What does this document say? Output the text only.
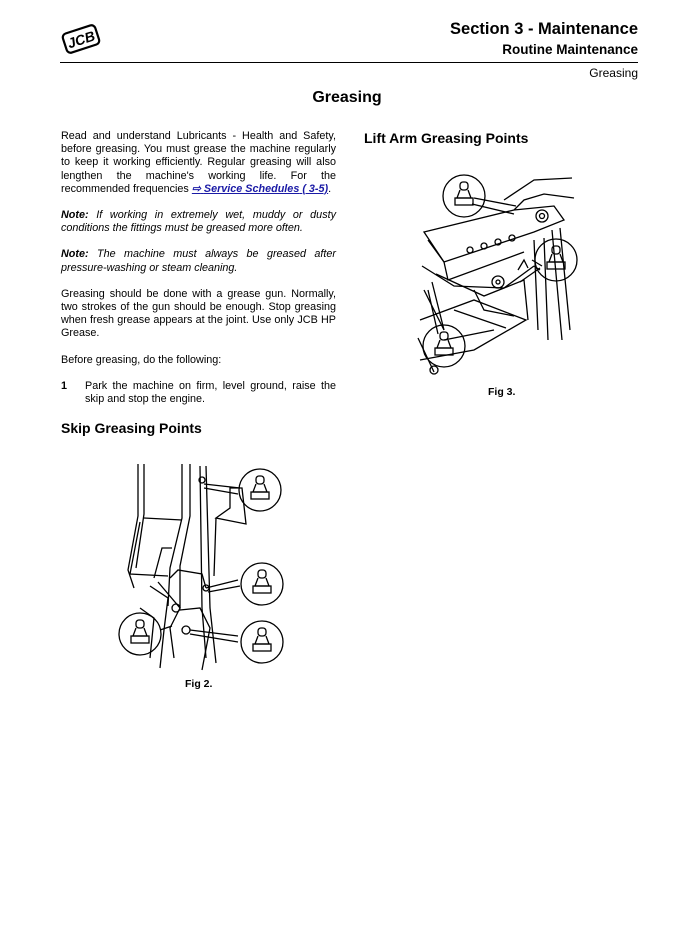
JCB	Section 3 - Maintenance
Routine Maintenance
Greasing
Greasing

Read and understand Lubricants - Health and Safety, before greasing. You must grease the machine regularly to keep it working efficiently. Regular greasing will also lengthen the machine's working life. For the recommended frequencies ⇨ Service Schedules ( 3-5).

Note: If working in extremely wet, muddy or dusty conditions the fittings must be greased more often.

Note: The machine must always be greased after pressure-washing or steam cleaning.

Greasing should be done with a grease gun. Normally, two strokes of the gun should be enough. Stop greasing when fresh grease appears at the joint. Use only JCB HP Grease.

Before greasing, do the following:

1	Park the machine on firm, level ground, raise the skip and stop the engine.
Skip Greasing Points
Fig 2.
Lift Arm Greasing Points
Fig 3.
